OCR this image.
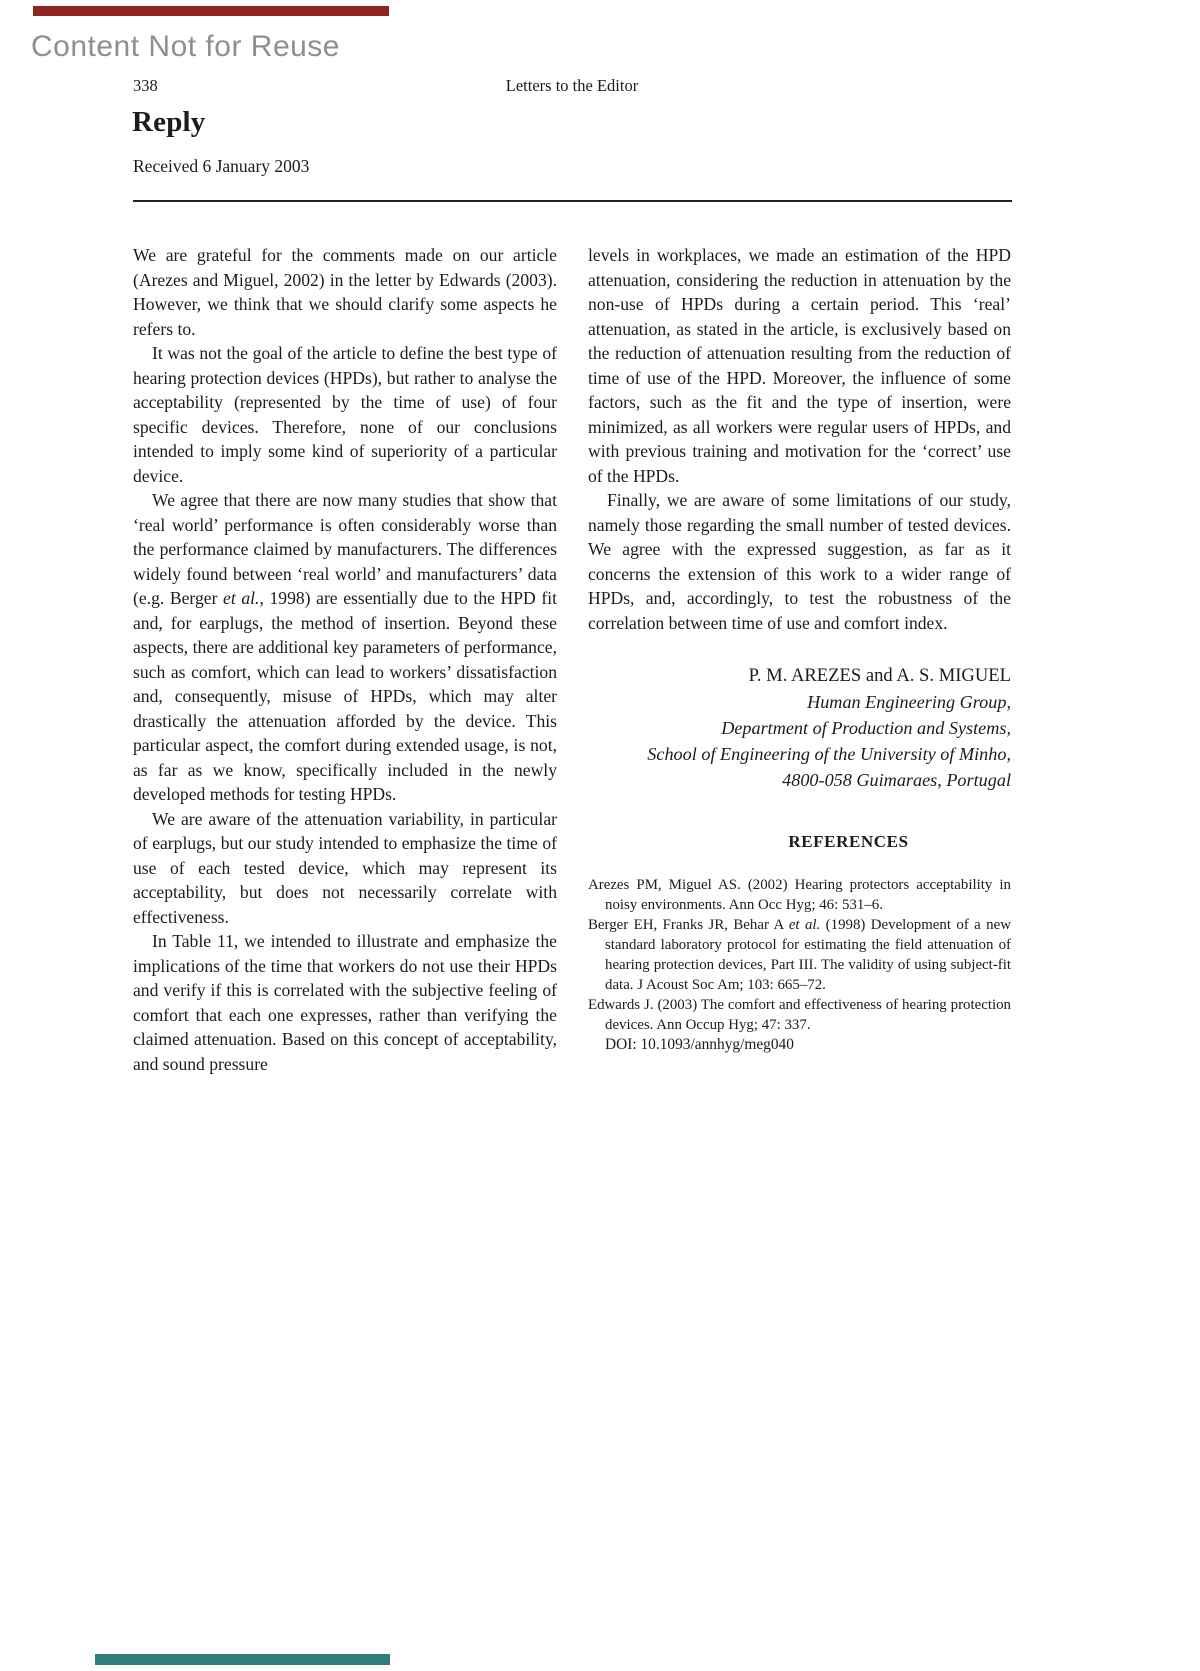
Content Not for Reuse
338	Letters to the Editor
Reply
Received 6 January 2003

We are grateful for the comments made on our article (Arezes and Miguel, 2002) in the letter by Edwards (2003). However, we think that we should clarify some aspects he refers to.

It was not the goal of the article to define the best type of hearing protection devices (HPDs), but rather to analyse the acceptability (represented by the time of use) of four specific devices. Therefore, none of our conclusions intended to imply some kind of superiority of a particular device.

We agree that there are now many studies that show that ‘real world’ performance is often considerably worse than the performance claimed by manufacturers. The differences widely found between ‘real world’ and manufacturers’ data (e.g. Berger et al., 1998) are essentially due to the HPD fit and, for earplugs, the method of insertion. Beyond these aspects, there are additional key parameters of performance, such as comfort, which can lead to workers’ dissatisfaction and, consequently, misuse of HPDs, which may alter drastically the attenuation afforded by the device. This particular aspect, the comfort during extended usage, is not, as far as we know, specifically included in the newly developed methods for testing HPDs.

We are aware of the attenuation variability, in particular of earplugs, but our study intended to emphasize the time of use of each tested device, which may represent its acceptability, but does not necessarily correlate with effectiveness.

In Table 11, we intended to illustrate and emphasize the implications of the time that workers do not use their HPDs and verify if this is correlated with the subjective feeling of comfort that each one expresses, rather than verifying the claimed attenuation. Based on this concept of acceptability, and sound pressure

levels in workplaces, we made an estimation of the HPD attenuation, considering the reduction in attenuation by the non-use of HPDs during a certain period. This ‘real’ attenuation, as stated in the article, is exclusively based on the reduction of attenuation resulting from the reduction of time of use of the HPD. Moreover, the influence of some factors, such as the fit and the type of insertion, were minimized, as all workers were regular users of HPDs, and with previous training and motivation for the ‘correct’ use of the HPDs.

Finally, we are aware of some limitations of our study, namely those regarding the small number of tested devices. We agree with the expressed suggestion, as far as it concerns the extension of this work to a wider range of HPDs, and, accordingly, to test the robustness of the correlation between time of use and comfort index.

P. M. AREZES and A. S. MIGUEL
Human Engineering Group,
Department of Production and Systems,
School of Engineering of the University of Minho,
4800-058 Guimaraes, Portugal
REFERENCES

Arezes PM, Miguel AS. (2002) Hearing protectors acceptability in noisy environments. Ann Occ Hyg; 46: 531–6.

Berger EH, Franks JR, Behar A et al. (1998) Development of a new standard laboratory protocol for estimating the field attenuation of hearing protection devices, Part III. The validity of using subject-fit data. J Acoust Soc Am; 103: 665–72.

Edwards J. (2003) The comfort and effectiveness of hearing protection devices. Ann Occup Hyg; 47: 337.

DOI: 10.1093/annhyg/meg040
